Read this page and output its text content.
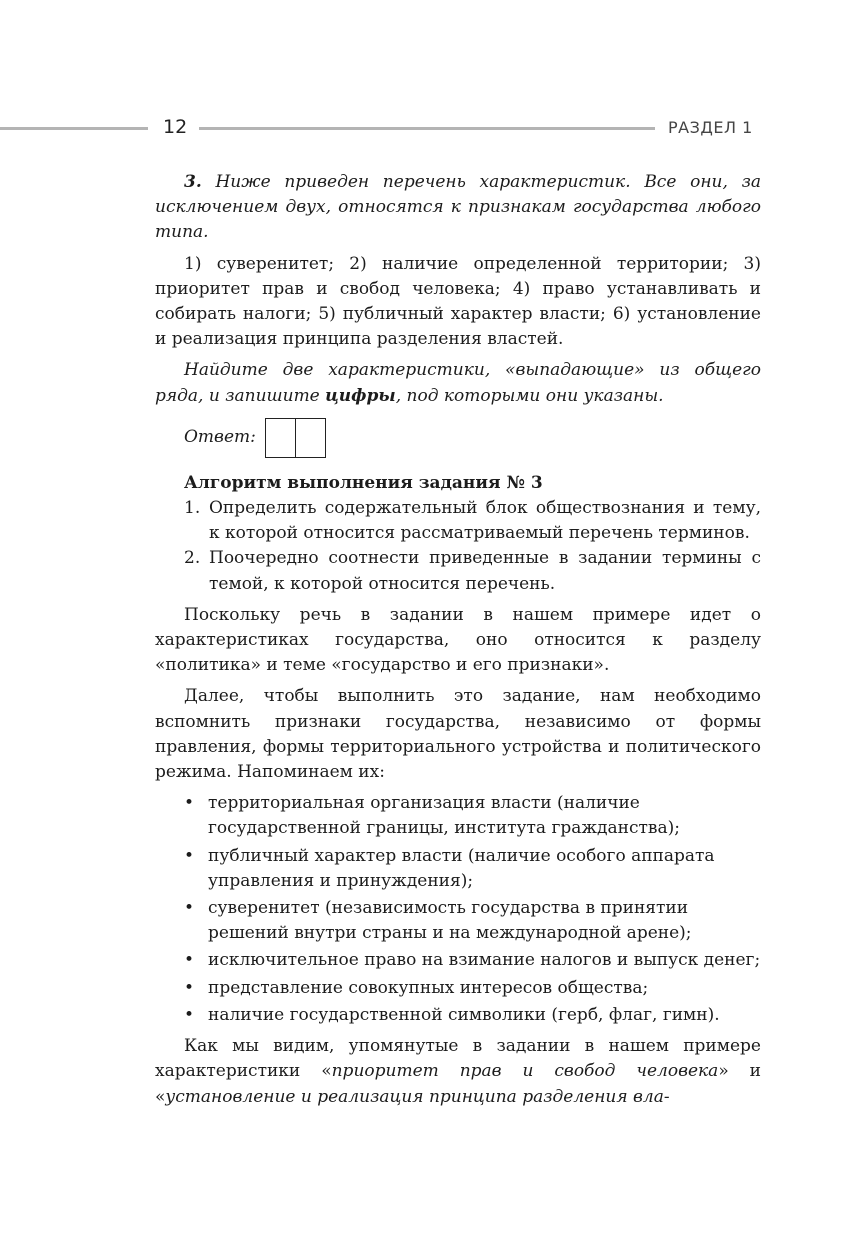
12	РАЗДЕЛ 1

3. Ниже приведен перечень характеристик. Все они, за исключением двух, относятся к признакам государства любого типа.

1) суверенитет; 2) наличие определенной территории; 3) приоритет прав и свобод человека; 4) право устанавливать и собирать налоги; 5) публичный характер власти; 6) установление и реализация принципа разделения властей.

Найдите две характеристики, «выпадающие» из общего ряда, и запишите цифры, под которыми они указаны.

Ответ:
Алгоритм выполнения задания № 3
1. Определить содержательный блок обществознания и тему, к которой относится рассматриваемый перечень терминов.
2. Поочередно соотнести приведенные в задании термины с темой, к которой относится перечень.

Поскольку речь в задании в нашем примере идет о характеристиках государства, оно относится к разделу «политика» и теме «государство и его признаки».

Далее, чтобы выполнить это задание, нам необходимо вспомнить признаки государства, независимо от формы правления, формы территориального устройства и политического режима. Напоминаем их:

• территориальная организация власти (наличие государственной границы, института гражданства);
• публичный характер власти (наличие особого аппарата управления и принуждения);
• суверенитет (независимость государства в принятии решений внутри страны и на международной арене);
• исключительное право на взимание налогов и выпуск денег;
• представление совокупных интересов общества;
• наличие государственной символики (герб, флаг, гимн).

Как мы видим, упомянутые в задании в нашем примере характеристики «приоритет прав и свобод человека» и «установление и реализация принципа разделения вла-
